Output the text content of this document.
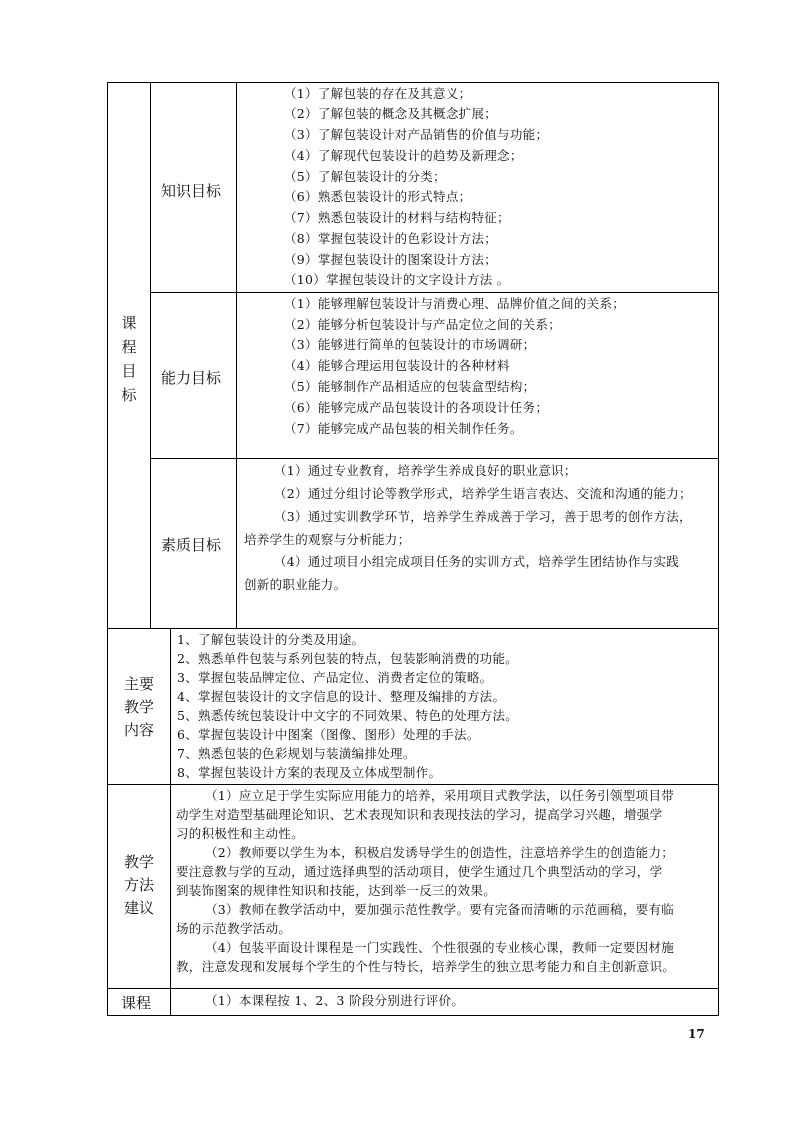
课
程
目
标
知识目标
能力目标
素质目标
（1）了解包装的存在及其意义；
（2）了解包装的概念及其概念扩展；
（3）了解包装设计对产品销售的价值与功能；
（4）了解现代包装设计的趋势及新理念；
（5）了解包装设计的分类；
（6）熟悉包装设计的形式特点；
（7）熟悉包装设计的材料与结构特征；
（8）掌握包装设计的色彩设计方法；
（9）掌握包装设计的图案设计方法；
（10）掌握包装设计的文字设计方法 。
（1）能够理解包装设计与消费心理、品牌价值之间的关系；
（2）能够分析包装设计与产品定位之间的关系；
（3）能够进行简单的包装设计的市场调研；
（4）能够合理运用包装设计的各种材料
（5）能够制作产品相适应的包装盒型结构；
（6）能够完成产品包装设计的各项设计任务；
（7）能够完成产品包装的相关制作任务。
（1）通过专业教育，培养学生养成良好的职业意识；
（2）通过分组讨论等教学形式，培养学生语言表达、交流和沟通的能力；
（3）通过实训教学环节，培养学生养成善于学习，善于思考的创作方法，
培养学生的观察与分析能力；
（4）通过项目小组完成项目任务的实训方式，培养学生团结协作与实践
创新的职业能力。
主要
教学
内容
1、了解包装设计的分类及用途。
2、熟悉单件包装与系列包装的特点，包装影响消费的功能。
3、掌握包装品牌定位、产品定位、消费者定位的策略。
4、掌握包装设计的文字信息的设计、整理及编排的方法。
5、熟悉传统包装设计中文字的不同效果、特色的处理方法。
6、掌握包装设计中图案（图像、图形）处理的手法。
7、熟悉包装的色彩规划与装潢编排处理。
8、掌握包装设计方案的表现及立体成型制作。
教学
方法
建议
（1）应立足于学生实际应用能力的培养，采用项目式教学法，以任务引领型项目带
动学生对造型基础理论知识、艺术表现知识和表现技法的学习，提高学习兴趣，增强学
习的积极性和主动性。
（2）教师要以学生为本，积极启发诱导学生的创造性，注意培养学生的创造能力；
要注意教与学的互动，通过选择典型的活动项目，使学生通过几个典型活动的学习，学
到装饰图案的规律性知识和技能，达到举一反三的效果。
（3）教师在教学活动中，要加强示范性教学。要有完备而清晰的示范画稿，要有临
场的示范教学活动。
（4）包装平面设计课程是一门实践性、个性很强的专业核心课，教师一定要因材施
教，注意发现和发展每个学生的个性与特长，培养学生的独立思考能力和自主创新意识。
课程	（1）本课程按 1、2、3 阶段分别进行评价。
17
